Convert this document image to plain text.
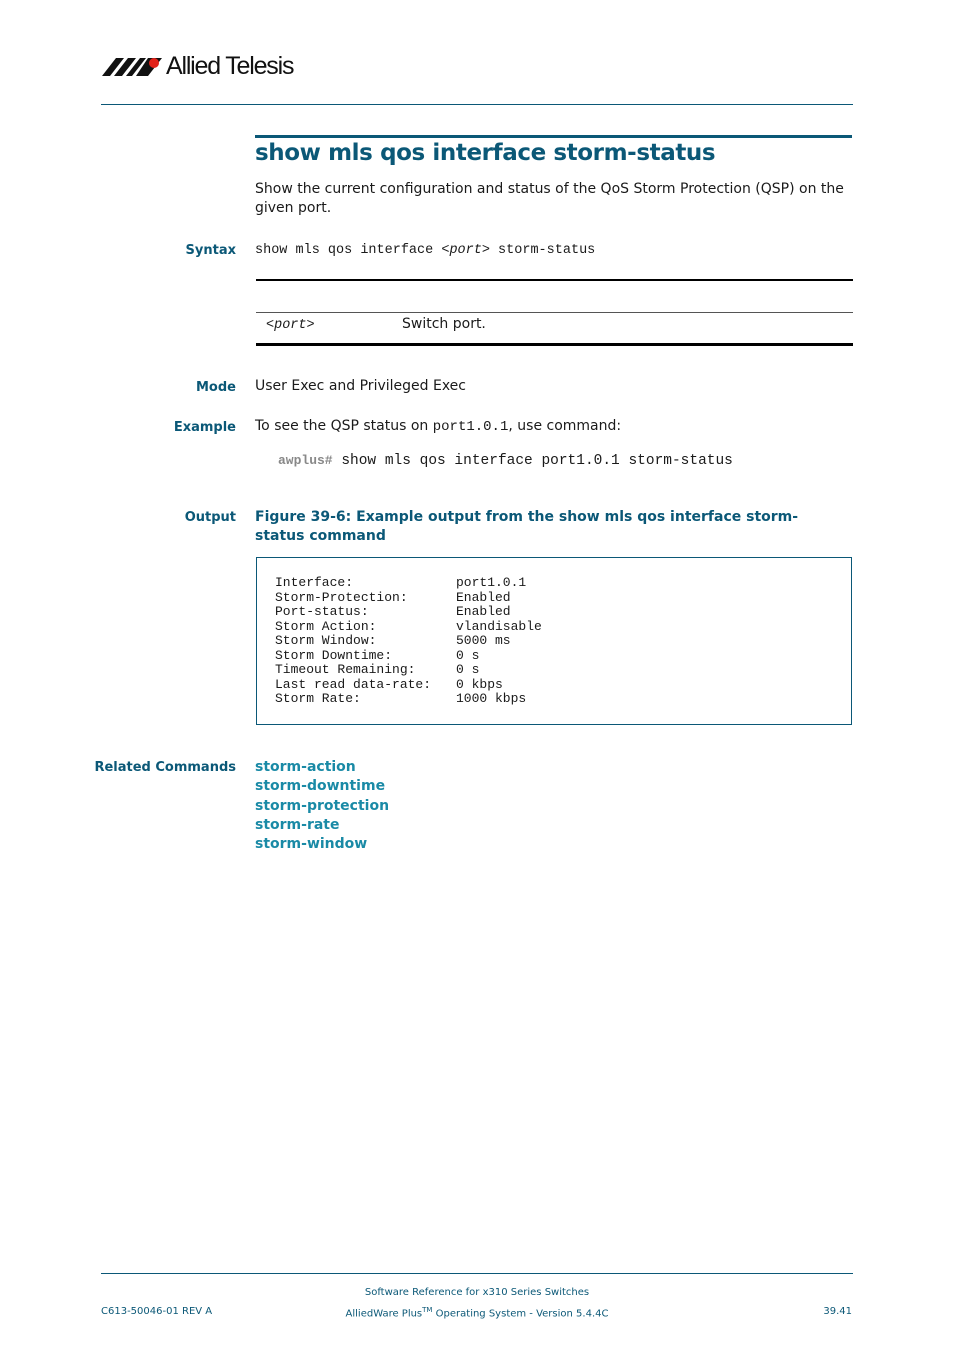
Allied Telesis
show mls qos interface storm-status
Show the current configuration and status of the QoS Storm Protection (QSP) on the given port.
Syntax show mls qos interface <port> storm-status
<port>	Switch port.
Mode User Exec and Privileged Exec
Example To see the QSP status on port1.0.1, use command:
awplus# show mls qos interface port1.0.1 storm-status
Output Figure 39-6: Example output from the show mls qos interface storm-status command
Interface:	port1.0.1
Storm-Protection:	Enabled
Port-status:	Enabled
Storm Action:	vlandisable
Storm Window:	5000 ms
Storm Downtime:	0 s
Timeout Remaining:	0 s
Last read data-rate: 0 kbps
Storm Rate:	1000 kbps
Related Commands storm-action
storm-downtime
storm-protection
storm-rate
storm-window
Software Reference for x310 Series Switches
C613-50046-01 REV A	AlliedWare Plus™ Operating System - Version 5.4.4C	39.41
